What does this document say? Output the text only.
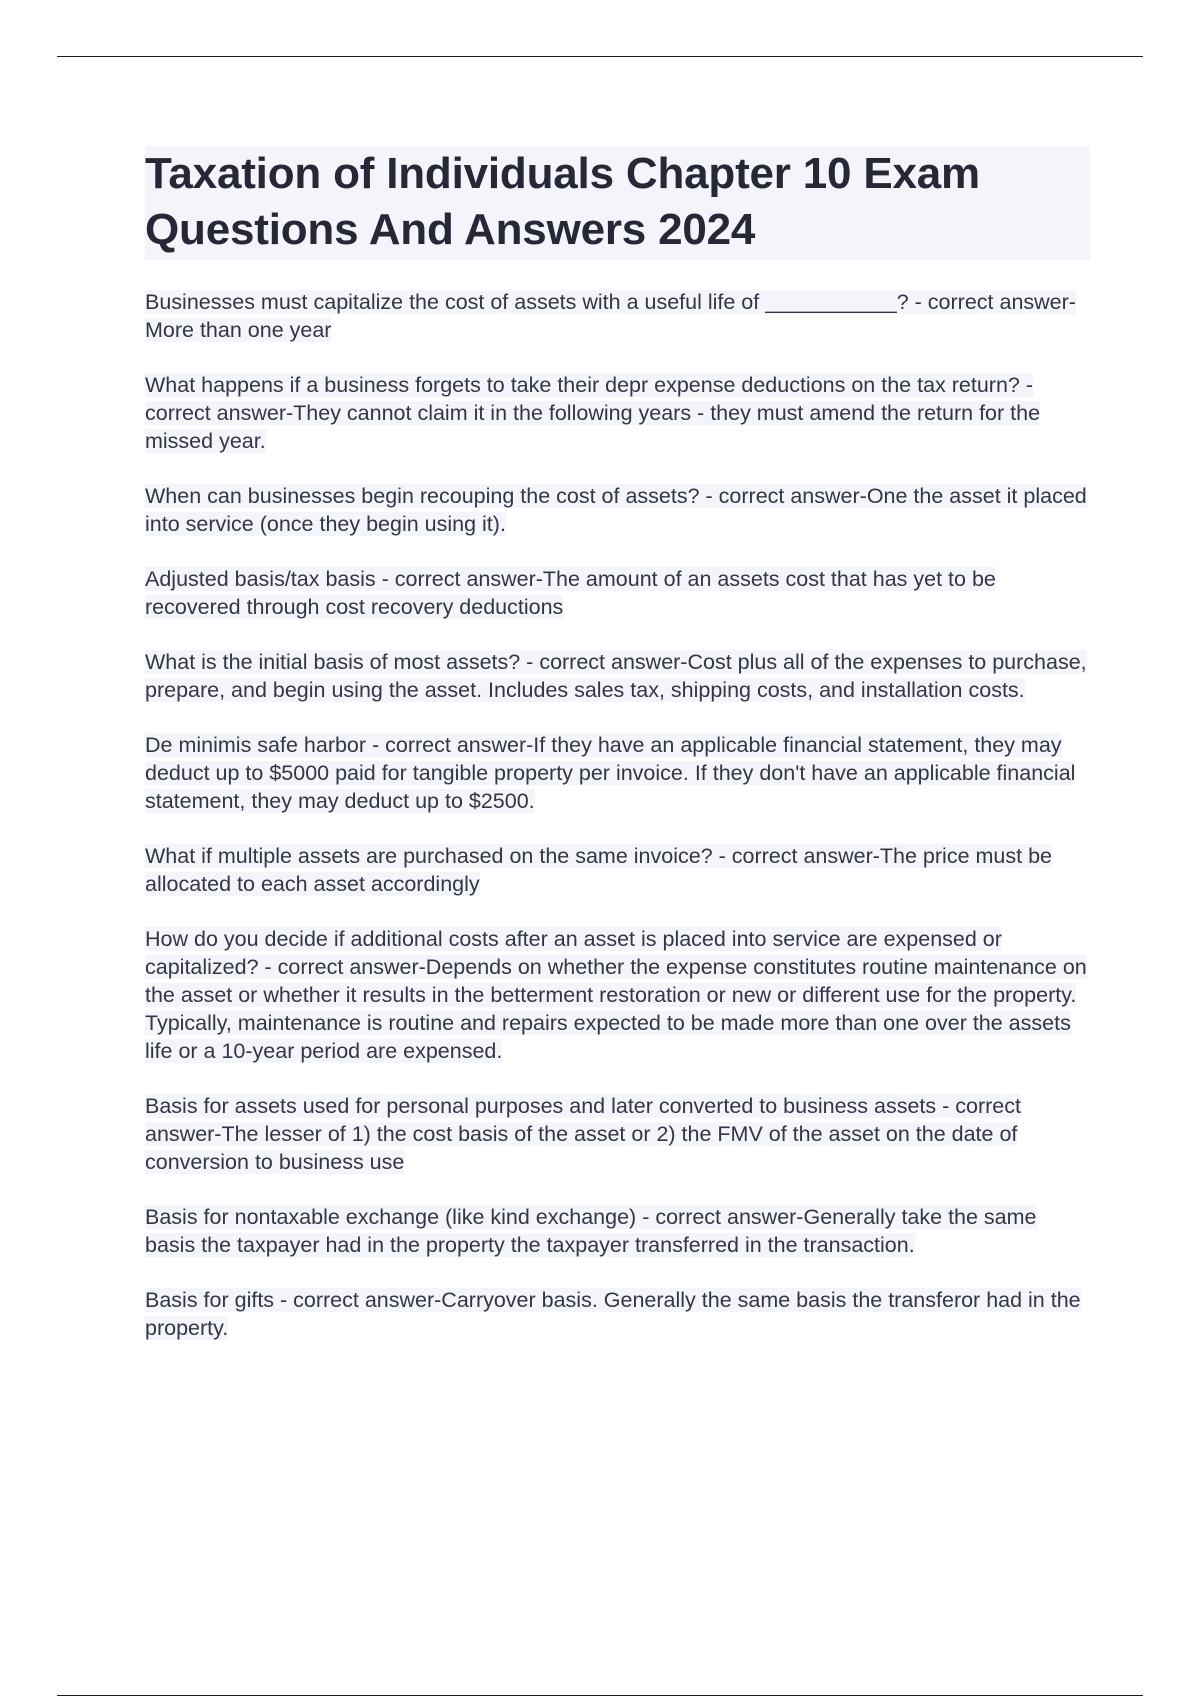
Taxation of Individuals Chapter 10 Exam Questions And Answers 2024
Businesses must capitalize the cost of assets with a useful life of ___________? - correct answer-More than one year
What happens if a business forgets to take their depr expense deductions on the tax return? - correct answer-They cannot claim it in the following years - they must amend the return for the missed year.
When can businesses begin recouping the cost of assets? - correct answer-One the asset it placed into service (once they begin using it).
Adjusted basis/tax basis - correct answer-The amount of an assets cost that has yet to be recovered through cost recovery deductions
What is the initial basis of most assets? - correct answer-Cost plus all of the expenses to purchase, prepare, and begin using the asset. Includes sales tax, shipping costs, and installation costs.
De minimis safe harbor - correct answer-If they have an applicable financial statement, they may deduct up to $5000 paid for tangible property per invoice. If they don't have an applicable financial statement, they may deduct up to $2500.
What if multiple assets are purchased on the same invoice? - correct answer-The price must be allocated to each asset accordingly
How do you decide if additional costs after an asset is placed into service are expensed or capitalized? - correct answer-Depends on whether the expense constitutes routine maintenance on the asset or whether it results in the betterment restoration or new or different use for the property. Typically, maintenance is routine and repairs expected to be made more than one over the assets life or a 10-year period are expensed.
Basis for assets used for personal purposes and later converted to business assets - correct answer-The lesser of 1) the cost basis of the asset or 2) the FMV of the asset on the date of conversion to business use
Basis for nontaxable exchange (like kind exchange) - correct answer-Generally take the same basis the taxpayer had in the property the taxpayer transferred in the transaction.
Basis for gifts - correct answer-Carryover basis. Generally the same basis the transferor had in the property.
